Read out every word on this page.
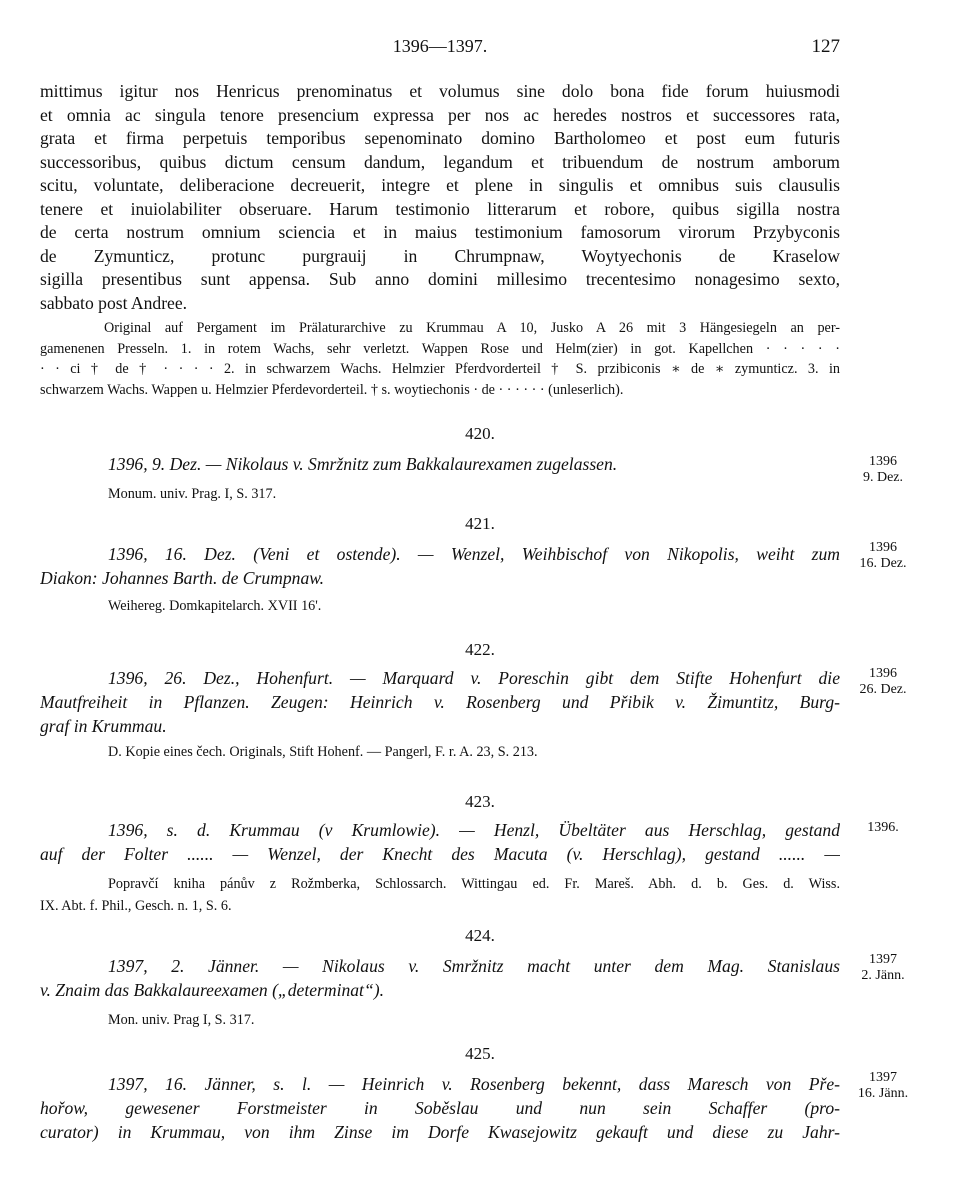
1396—1397.	127
mittimus igitur nos Henricus prenominatus et volumus sine dolo bona fide forum huiusmodi
et omnia ac singula tenore presencium expressa per nos ac heredes nostros et successores rata,
grata et firma perpetuis temporibus sepenominato domino Bartholomeo et post eum futuris
successoribus, quibus dictum censum dandum, legandum et tribuendum de nostrum amborum
scitu, voluntate, deliberacione decreuerit, integre et plene in singulis et omnibus suis clausulis
tenere et inuiolabiliter obseruare. Harum testimonio litterarum et robore, quibus sigilla nostra
de certa nostrum omnium sciencia et in maius testimonium famosorum virorum Przybyconis
de Zymunticz, protunc purgrauij in Chrumpnaw, Woytyechonis de Kraselow
sigilla presentibus sunt appensa. Sub anno domini millesimo trecentesimo nonagesimo sexto,
sabbato post Andree.
Original auf Pergament im Prälaturarchive zu Krummau A 10, Jusko A 26 mit 3 Hängesiegeln an per-
gamenenen Presseln. 1. in rotem Wachs, sehr verletzt. Wappen Rose und Helm(zier) in got. Kapellchen · · · · ·
· · ci † de † · · · · 2. in schwarzem Wachs. Helmzier Pferdvorderteil † S. przibiconis ∗ de ∗ zymunticz. 3. in
schwarzem Wachs. Wappen u. Helmzier Pferdevorderteil. † s. woytiechonis · de · · · · · · (unleserlich).
420.
1396, 9. Dez. — Nikolaus v. Smržnitz zum Bakkalaurexamen zugelassen.	1396
9. Dez.
Monum. univ. Prag. I, S. 317.
421.
1396, 16. Dez. (Veni et ostende). — Wenzel, Weihbischof von Nikopolis, weiht zum
Diakon: Johannes Barth. de Crumpnaw.
1396
16. Dez.
Weihereg. Domkapitelarch. XVII 16'.
422.
1396, 26. Dez., Hohenfurt. — Marquard v. Poreschin gibt dem Stifte Hohenfurt die
Mautfreiheit in Pflanzen. Zeugen: Heinrich v. Rosenberg und Přibik v. Žimuntitz, Burg-
graf in Krummau.
1396
26. Dez.
D. Kopie eines čech. Originals, Stift Hohenf. — Pangerl, F. r. A. 23, S. 213.
423.
1396, s. d. Krummau (v Krumlowie). — Henzl, Übeltäter aus Herschlag, gestand
auf der Folter ...... — Wenzel, der Knecht des Macuta (v. Herschlag), gestand ...... —
1396.
Popravčí kniha pánův z Rožmberka, Schlossarch. Wittingau ed. Fr. Mareš. Abh. d. b. Ges. d. Wiss.
IX. Abt. f. Phil., Gesch. n. 1, S. 6.
424.
1397, 2. Jänner. — Nikolaus v. Smržnitz macht unter dem Mag. Stanislaus
v. Znaim das Bakkalaureexamen („determinat“).
1397
2. Jänn.
Mon. univ. Prag I, S. 317.
425.
1397, 16. Jänner, s. l. — Heinrich v. Rosenberg bekennt, dass Maresch von Pře-
hořow, gewesener Forstmeister in Soběslau und nun sein Schaffer (pro-
curator) in Krummau, von ihm Zinse im Dorfe Kwasejowitz gekauft und diese zu Jahr-
1397
16. Jänn.
